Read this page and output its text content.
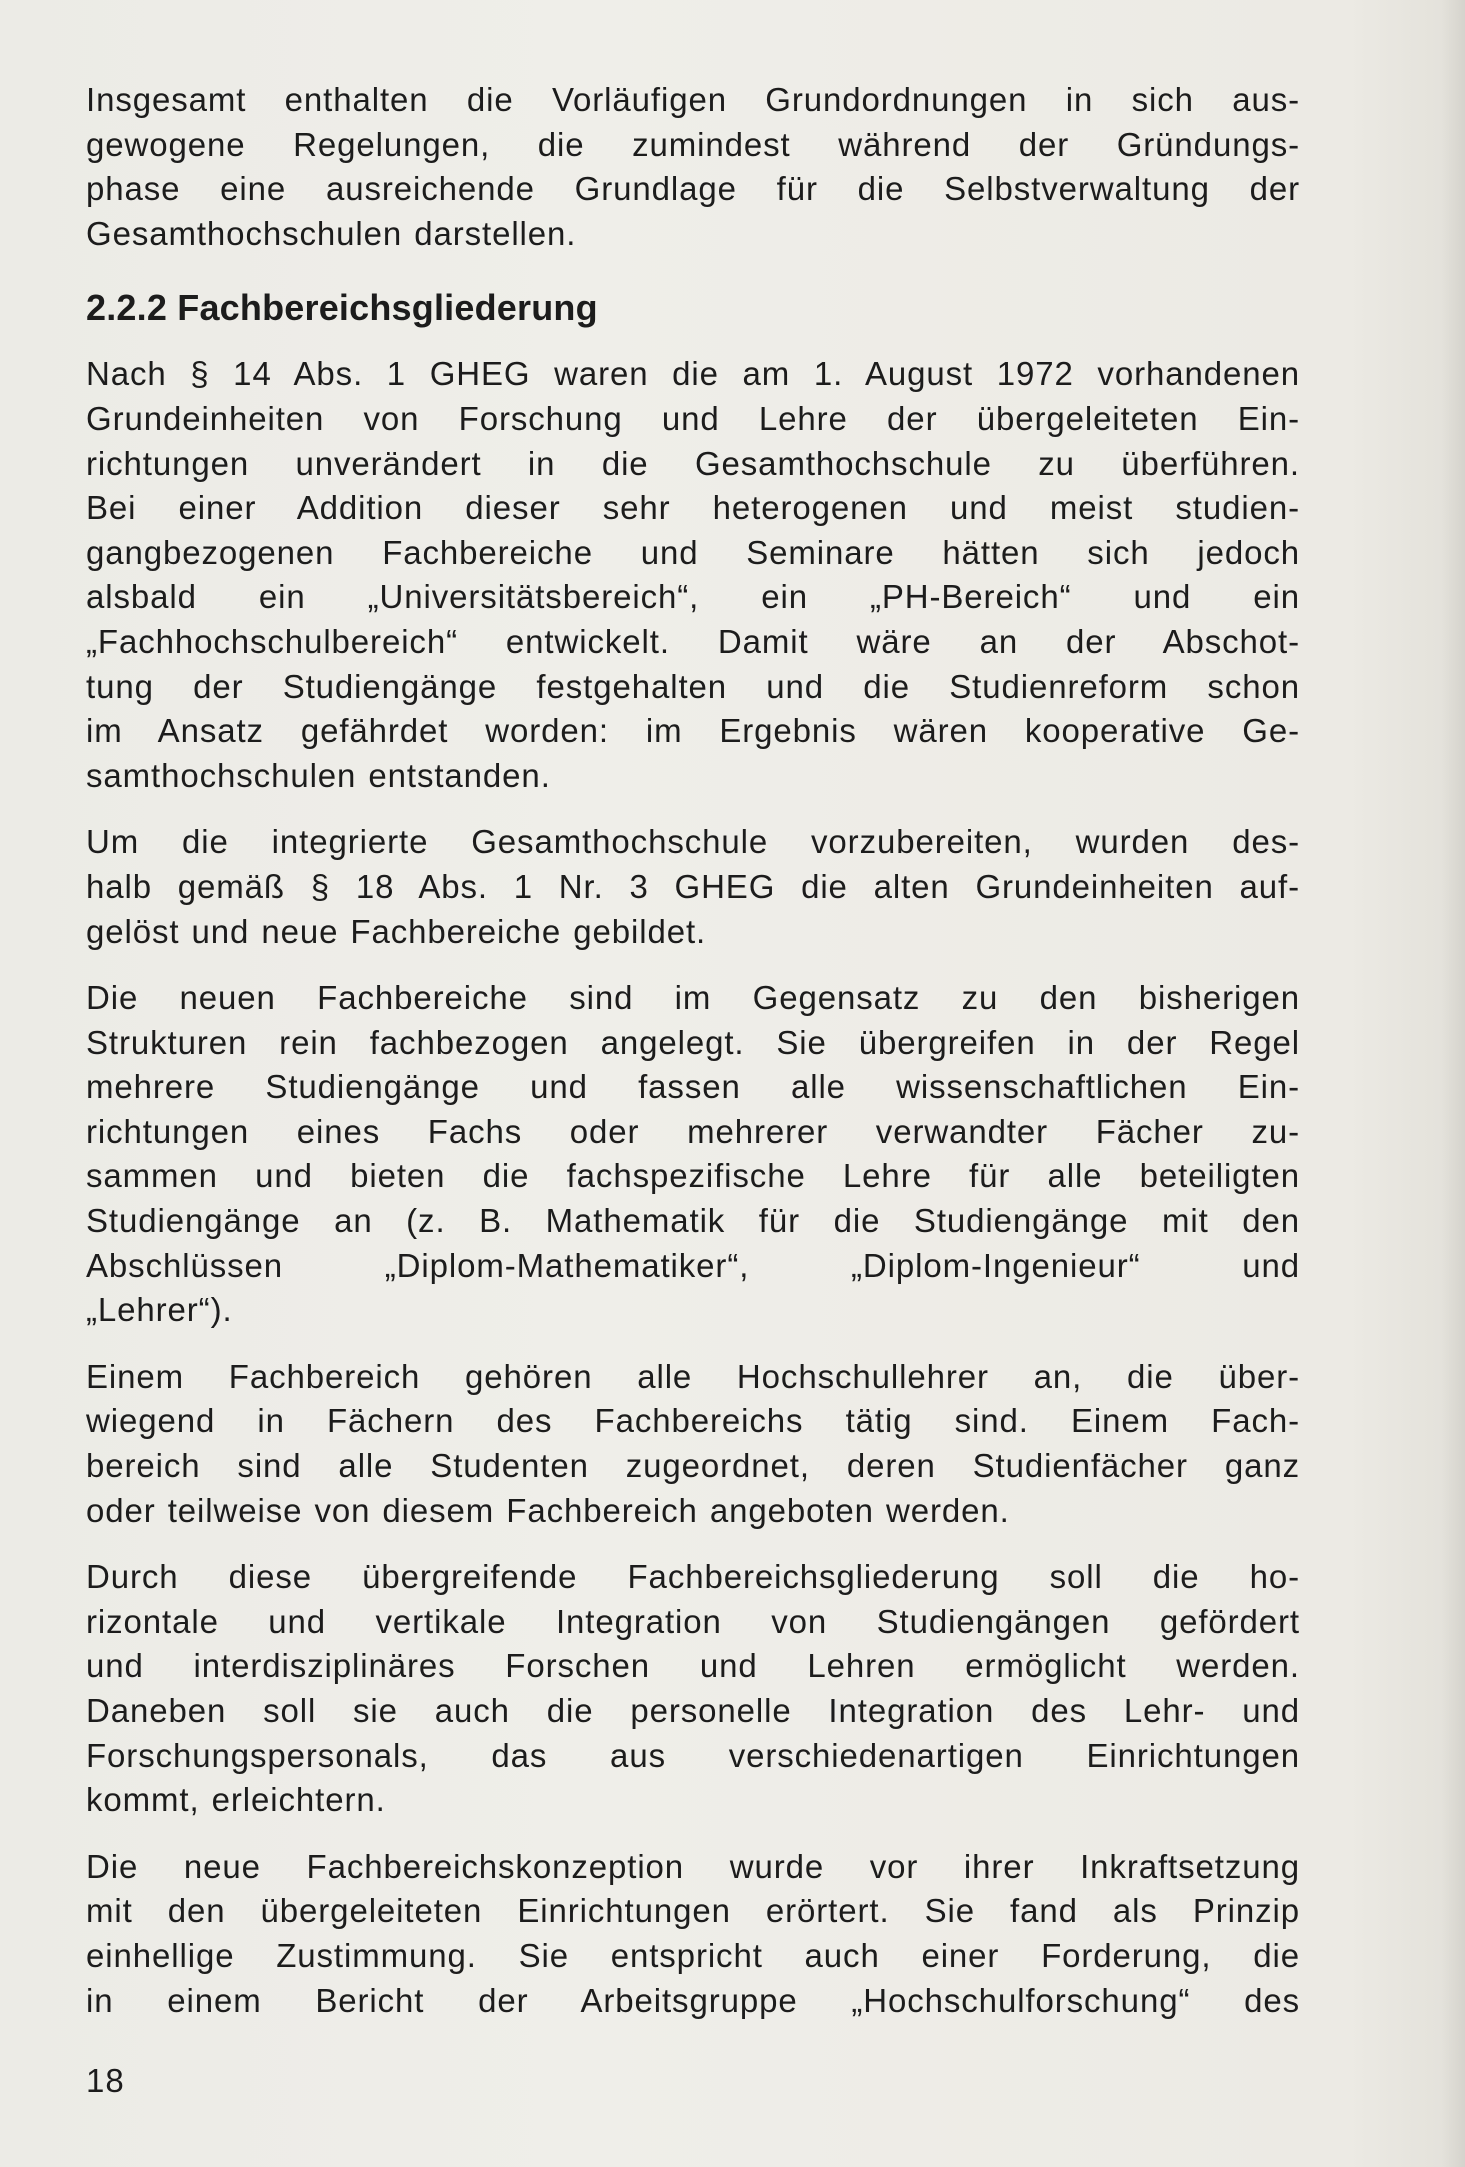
Insgesamt enthalten die Vorläufigen Grundordnungen in sich aus-
gewogene Regelungen, die zumindest während der Gründungs-
phase eine ausreichende Grundlage für die Selbstverwaltung der
Gesamthochschulen darstellen.

2.2.2 Fachbereichsgliederung

Nach § 14 Abs. 1 GHEG waren die am 1. August 1972 vorhandenen
Grundeinheiten von Forschung und Lehre der übergeleiteten Ein-
richtungen unverändert in die Gesamthochschule zu überführen.
Bei einer Addition dieser sehr heterogenen und meist studien-
gangbezogenen Fachbereiche und Seminare hätten sich jedoch
alsbald ein „Universitätsbereich“, ein „PH-Bereich“ und ein
„Fachhochschulbereich“ entwickelt. Damit wäre an der Abschot-
tung der Studiengänge festgehalten und die Studienreform schon
im Ansatz gefährdet worden: im Ergebnis wären kooperative Ge-
samthochschulen entstanden.

Um die integrierte Gesamthochschule vorzubereiten, wurden des-
halb gemäß § 18 Abs. 1 Nr. 3 GHEG die alten Grundeinheiten auf-
gelöst und neue Fachbereiche gebildet.

Die neuen Fachbereiche sind im Gegensatz zu den bisherigen
Strukturen rein fachbezogen angelegt. Sie übergreifen in der Regel
mehrere Studiengänge und fassen alle wissenschaftlichen Ein-
richtungen eines Fachs oder mehrerer verwandter Fächer zu-
sammen und bieten die fachspezifische Lehre für alle beteiligten
Studiengänge an (z. B. Mathematik für die Studiengänge mit den
Abschlüssen „Diplom-Mathematiker“, „Diplom-Ingenieur“ und
„Lehrer“).

Einem Fachbereich gehören alle Hochschullehrer an, die über-
wiegend in Fächern des Fachbereichs tätig sind. Einem Fach-
bereich sind alle Studenten zugeordnet, deren Studienfächer ganz
oder teilweise von diesem Fachbereich angeboten werden.

Durch diese übergreifende Fachbereichsgliederung soll die ho-
rizontale und vertikale Integration von Studiengängen gefördert
und interdisziplinäres Forschen und Lehren ermöglicht werden.
Daneben soll sie auch die personelle Integration des Lehr- und
Forschungspersonals, das aus verschiedenartigen Einrichtungen
kommt, erleichtern.

Die neue Fachbereichskonzeption wurde vor ihrer Inkraftsetzung
mit den übergeleiteten Einrichtungen erörtert. Sie fand als Prinzip
einhellige Zustimmung. Sie entspricht auch einer Forderung, die
in einem Bericht der Arbeitsgruppe „Hochschulforschung“ des

18
